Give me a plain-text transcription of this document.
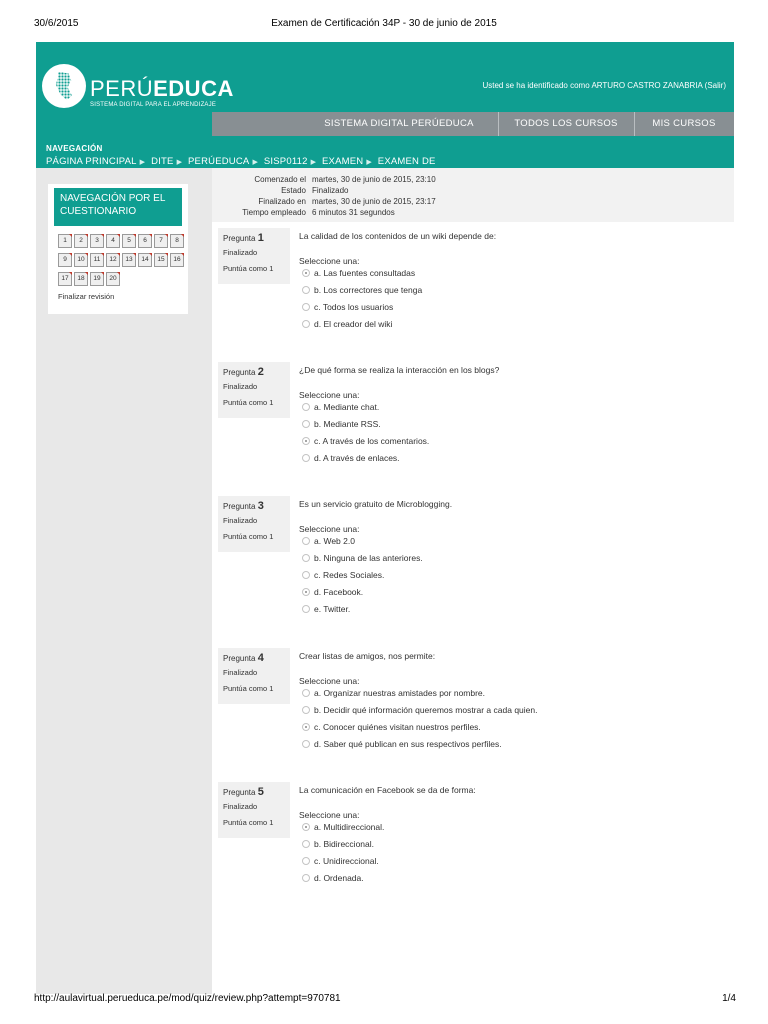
30/6/2015	Examen de Certificación 34P - 30 de junio de 2015
PERÚEDUCA
SISTEMA DIGITAL PARA EL APRENDIZAJE
Usted se ha identificado como ARTURO CASTRO ZANABRIA (Salir)
SISTEMA DIGITAL PERÚEDUCA	TODOS LOS CURSOS	MIS CURSOS
NAVEGACIÓN
PÁGINA PRINCIPAL ▶ DITE ▶ PERÚEDUCA ▶ SISP0112 ▶ EXAMEN ▶ EXAMEN DE
NAVEGACIÓN POR EL CUESTIONARIO
1	2	3	4	5	6	7	8
9	10	11	12	13	14	15	16
17	18	19	20
Finalizar revisión
Comenzado el martes, 30 de junio de 2015, 23:10
Estado Finalizado
Finalizado en martes, 30 de junio de 2015, 23:17
Tiempo empleado 6 minutos 31 segundos
Pregunta 1
Finalizado
Puntúa como 1
La calidad de los contenidos de un wiki depende de:
Seleccione una:
a. Las fuentes consultadas
b. Los correctores que tenga
c. Todos los usuarios
d. El creador del wiki
Pregunta 2
Finalizado
Puntúa como 1
¿De qué forma se realiza la interacción en los blogs?
Seleccione una:
a. Mediante chat.
b. Mediante RSS.
c. A través de los comentarios.
d. A través de enlaces.
Pregunta 3
Finalizado
Puntúa como 1
Es un servicio gratuito de Microblogging.
Seleccione una:
a. Web 2.0
b. Ninguna de las anteriores.
c. Redes Sociales.
d. Facebook.
e. Twitter.
Pregunta 4
Finalizado
Puntúa como 1
Crear listas de amigos, nos permite:
Seleccione una:
a. Organizar nuestras amistades por nombre.
b. Decidir qué información queremos mostrar a cada quien.
c. Conocer quiénes visitan nuestros perfiles.
d. Saber qué publican en sus respectivos perfiles.
Pregunta 5
Finalizado
Puntúa como 1
La comunicación en Facebook se da de forma:
Seleccione una:
a. Multidireccional.
b. Bidireccional.
c. Unidireccional.
d. Ordenada.
http://aulavirtual.perueduca.pe/mod/quiz/review.php?attempt=970781	1/4
